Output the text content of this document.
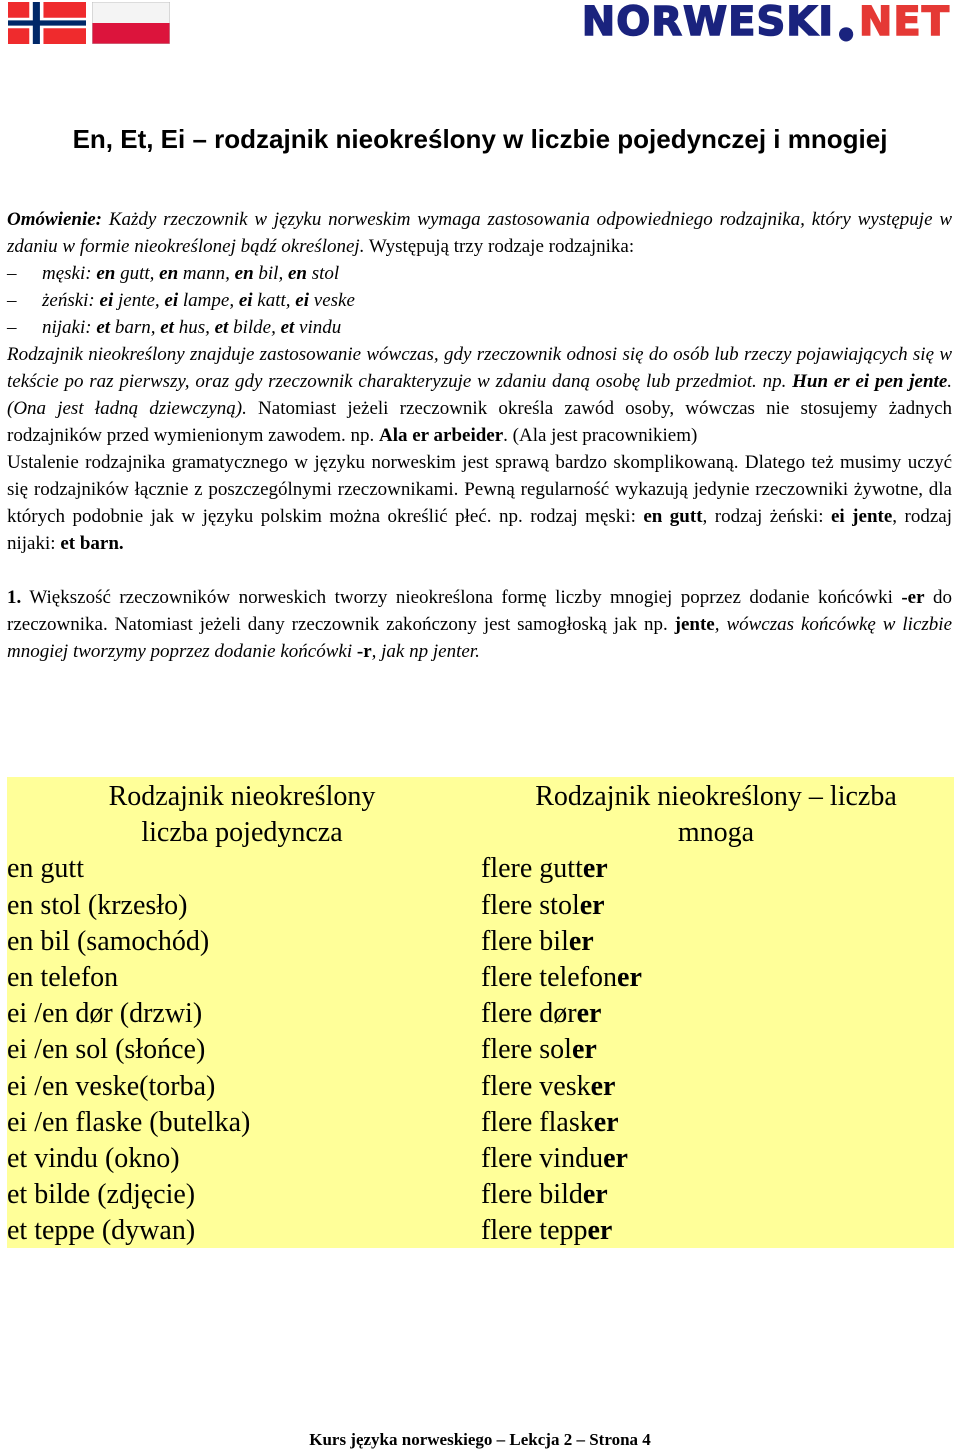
NORWESKI ● NET
En, Et, Ei – rodzajnik nieokreślony w liczbie pojedynczej i mnogiej

Omówienie: Każdy rzeczownik w języku norweskim wymaga zastosowania odpowiedniego rodzajnika, który występuje w zdaniu w formie nieokreślonej bądź określonej. Występują trzy rodzaje rodzajnika:

– męski: en gutt, en mann, en bil, en stol
– żeński: ei jente, ei lampe, ei katt, ei veske
– nijaki: et barn, et hus, et bilde, et vindu

Rodzajnik nieokreślony znajduje zastosowanie wówczas, gdy rzeczownik odnosi się do osób lub rzeczy pojawiających się w tekście po raz pierwszy, oraz gdy rzeczownik charakteryzuje w zdaniu daną osobę lub przedmiot. np. Hun er ei pen jente. (Ona jest ładną dziewczyną). Natomiast jeżeli rzeczownik określa zawód osoby, wówczas nie stosujemy żadnych rodzajników przed wymienionym zawodem. np. Ala er arbeider. (Ala jest pracownikiem)

Ustalenie rodzajnika gramatycznego w języku norweskim jest sprawą bardzo skomplikowaną. Dlatego też musimy uczyć się rodzajników łącznie z poszczególnymi rzeczownikami. Pewną regularność wykazują jedynie rzeczowniki żywotne, dla których podobnie jak w języku polskim można określić płeć. np. rodzaj męski: en gutt, rodzaj żeński: ei jente, rodzaj nijaki: et barn.

1. Większość rzeczowników norweskich tworzy nieokreślona formę liczby mnogiej poprzez dodanie końcówki -er do rzeczownika. Natomiast jeżeli dany rzeczownik zakończony jest samogłoską jak np. jente, wówczas końcówkę w liczbie mnogiej tworzymy poprzez dodanie końcówki -r, jak np jenter.

Rodzajnik nieokreślony
liczba pojedyncza
en gutt
en stol (krzesło)
en bil (samochód)
en telefon
ei /en dør (drzwi)
ei /en sol (słońce)
ei /en veske(torba)
ei /en flaske (butelka)
et vindu (okno)
et bilde (zdjęcie)
et teppe (dywan)
Rodzajnik nieokreślony – liczba
mnoga
flere gutter
flere stoler
flere biler
flere telefoner
flere dører
flere soler
flere vesker
flere flasker
flere vinduer
flere bilder
flere tepper
Kurs języka norweskiego – Lekcja 2 – Strona 4
